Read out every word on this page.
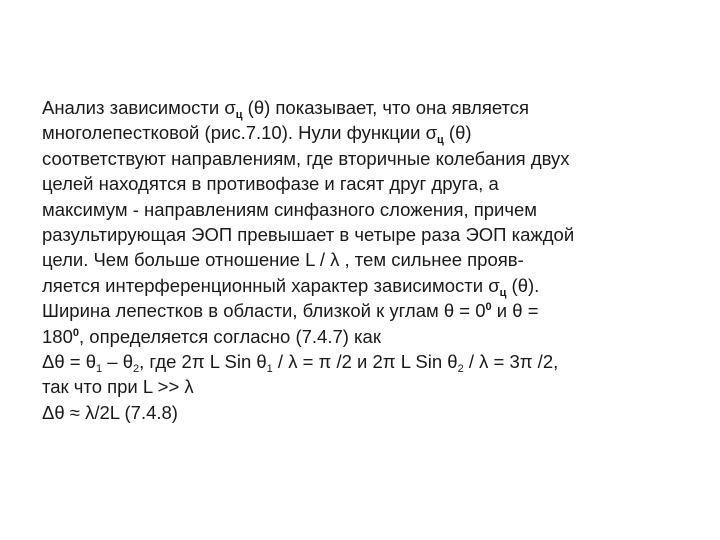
Анализ зависимости $\sigma_ц$ (θ) показывает, что она является
многолепестковой (рис.7.10). Нули функции $\sigma_ц$ (θ)
соответствуют направлениям, где вторичные колебания двух
целей находятся в противофазе и гасят друг друга, а
максимум - направлениям синфазного сложения, причем
разультирующая ЭОП превышает в четыре раза ЭОП каждой
цели. Чем больше отношение L / λ , тем сильнее прояв-
ляется интерференционный характер зависимости $\sigma_ц$ (θ).
Ширина лепестков в области, близкой к углам $\theta = 0^0$ и θ =
$180^0$, определяется согласно (7.4.7) как
$\Delta\theta = \theta_1 - \theta_2$, где 2π L Sin $\theta_1 / \lambda = \pi$ /2 и 2π L Sin $\theta_2 / \lambda = 3\pi$ /2,
так что при L >> λ
Δθ ≈ λ/2L (7.4.8)
